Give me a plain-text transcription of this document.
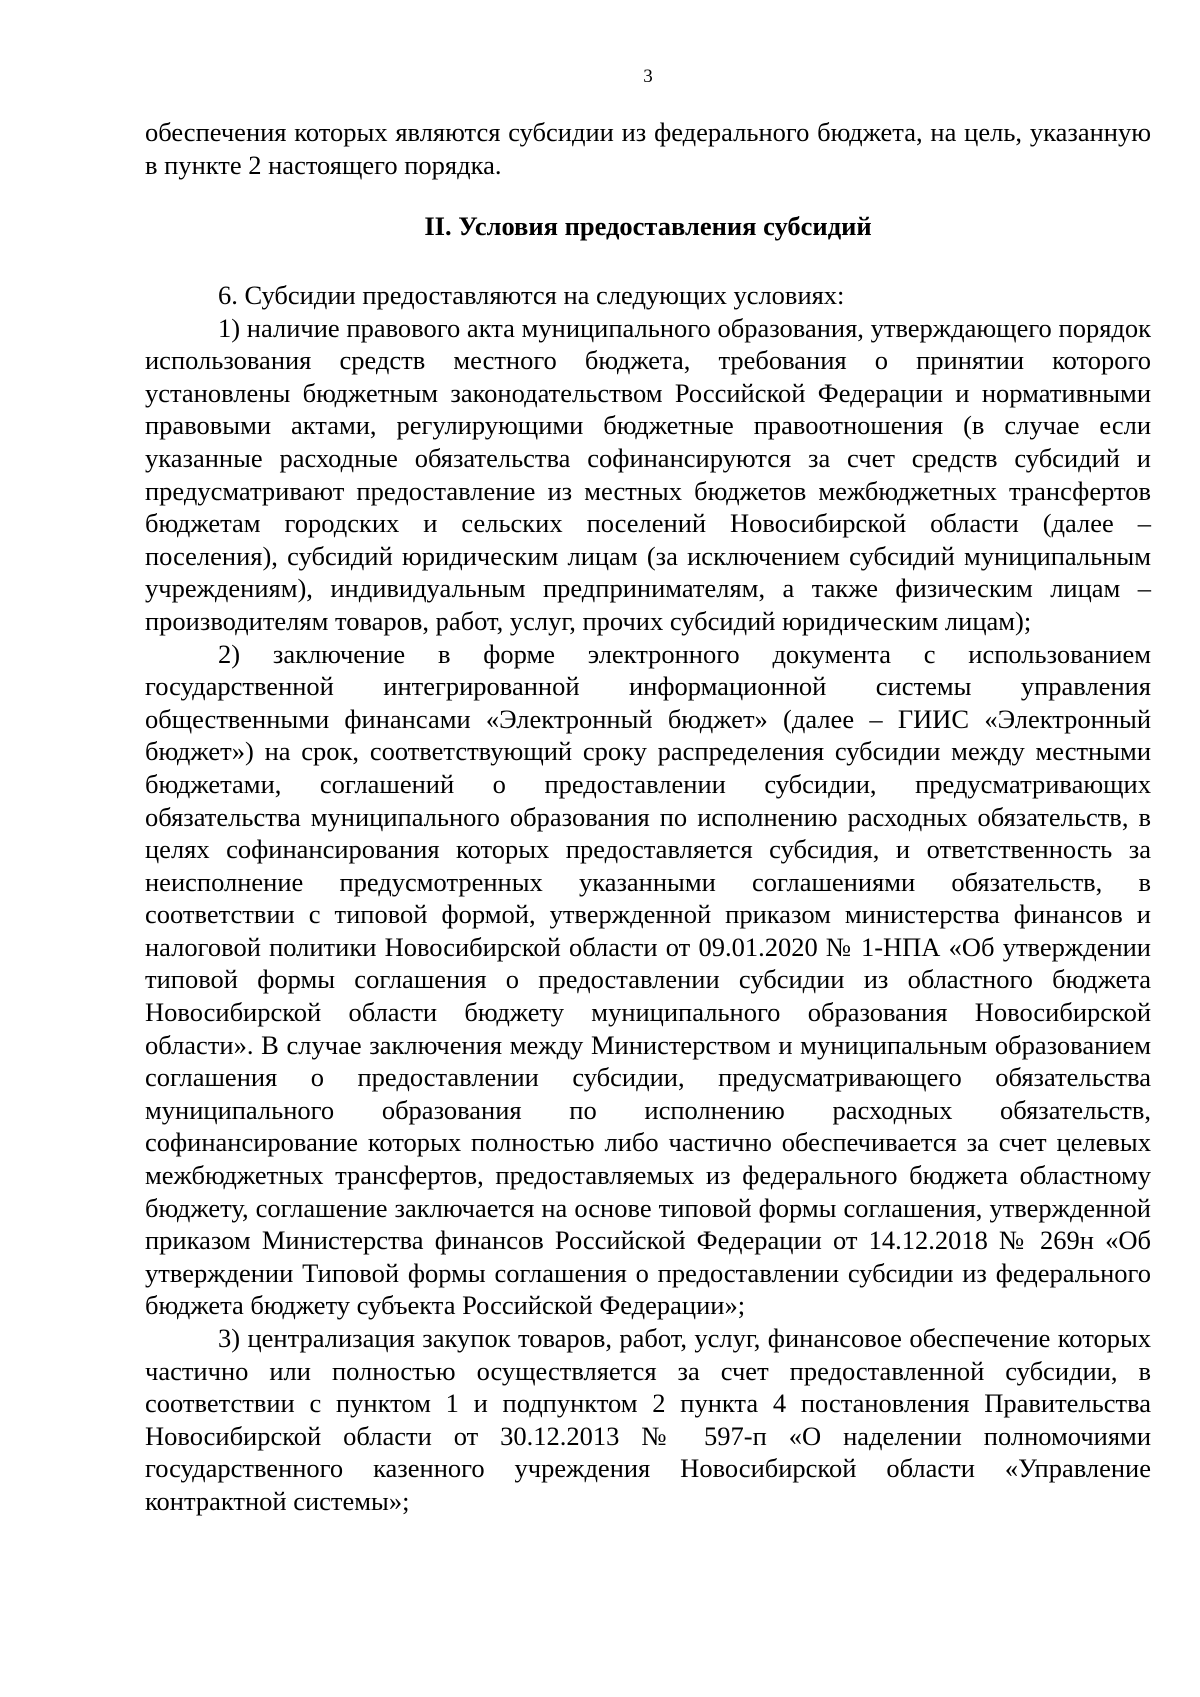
3

обеспечения которых являются субсидии из федерального бюджета, на цель, указанную в пункте 2 настоящего порядка.

II. Условия предоставления субсидий

6. Субсидии предоставляются на следующих условиях:

1) наличие правового акта муниципального образования, утверждающего порядок использования средств местного бюджета, требования о принятии которого установлены бюджетным законодательством Российской Федерации и нормативными правовыми актами, регулирующими бюджетные правоотношения (в случае если указанные расходные обязательства софинансируются за счет средств субсидий и предусматривают предоставление из местных бюджетов межбюджетных трансфертов бюджетам городских и сельских поселений Новосибирской области (далее – поселения), субсидий юридическим лицам (за исключением субсидий муниципальным учреждениям), индивидуальным предпринимателям, а также физическим лицам – производителям товаров, работ, услуг, прочих субсидий юридическим лицам);

2) заключение в форме электронного документа с использованием государственной интегрированной информационной системы управления общественными финансами «Электронный бюджет» (далее – ГИИС «Электронный бюджет») на срок, соответствующий сроку распределения субсидии между местными бюджетами, соглашений о предоставлении субсидии, предусматривающих обязательства муниципального образования по исполнению расходных обязательств, в целях софинансирования которых предоставляется субсидия, и ответственность за неисполнение предусмотренных указанными соглашениями обязательств, в соответствии с типовой формой, утвержденной приказом министерства финансов и налоговой политики Новосибирской области от 09.01.2020 № 1-НПА «Об утверждении типовой формы соглашения о предоставлении субсидии из областного бюджета Новосибирской области бюджету муниципального образования Новосибирской области». В случае заключения между Министерством и муниципальным образованием соглашения о предоставлении субсидии, предусматривающего обязательства муниципального образования по исполнению расходных обязательств, софинансирование которых полностью либо частично обеспечивается за счет целевых межбюджетных трансфертов, предоставляемых из федерального бюджета областному бюджету, соглашение заключается на основе типовой формы соглашения, утвержденной приказом Министерства финансов Российской Федерации от 14.12.2018 № 269н «Об утверждении Типовой формы соглашения о предоставлении субсидии из федерального бюджета бюджету субъекта Российской Федерации»;

3) централизация закупок товаров, работ, услуг, финансовое обеспечение которых частично или полностью осуществляется за счет предоставленной субсидии, в соответствии с пунктом 1 и подпунктом 2 пункта 4 постановления Правительства Новосибирской области от 30.12.2013 № 597-п «О наделении полномочиями государственного казенного учреждения Новосибирской области «Управление контрактной системы»;
